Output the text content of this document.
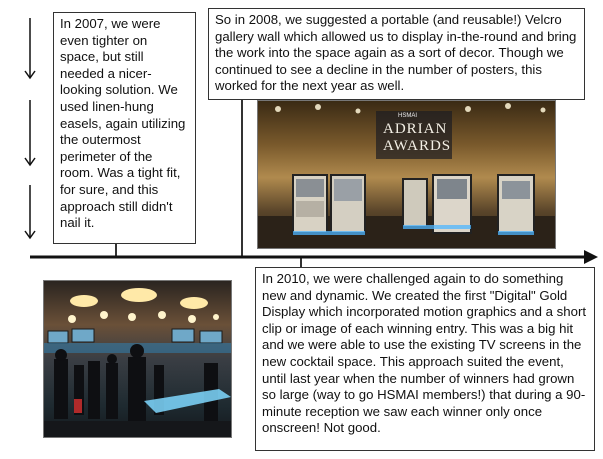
In 2007, we were even tighter on space, but still needed a nicer-looking solution. We used linen-hung easels, again utilizing the outermost perimeter of the room. Was a tight fit, for sure, and this approach still didn't nail it.
So in 2008, we suggested a portable (and reusable!) Velcro gallery wall which allowed us to display in-the-round and bring the work into the space again as a sort of decor. Though we continued to see a decline in the number of posters, this worked for the next year as well.
HSMAI
ADRIAN
AWARDS
In 2010, we were challenged again to do something new and dynamic. We created the first "Digital" Gold Display which incorporated motion graphics and a short clip or image of each winning entry. This was a big hit and we were able to use the existing TV screens in the new cocktail space. This approach suited the event, until last year when the number of winners had grown so large (way to go HSMAI members!) that during a 90-minute reception we saw each winner only once onscreen! Not good.
